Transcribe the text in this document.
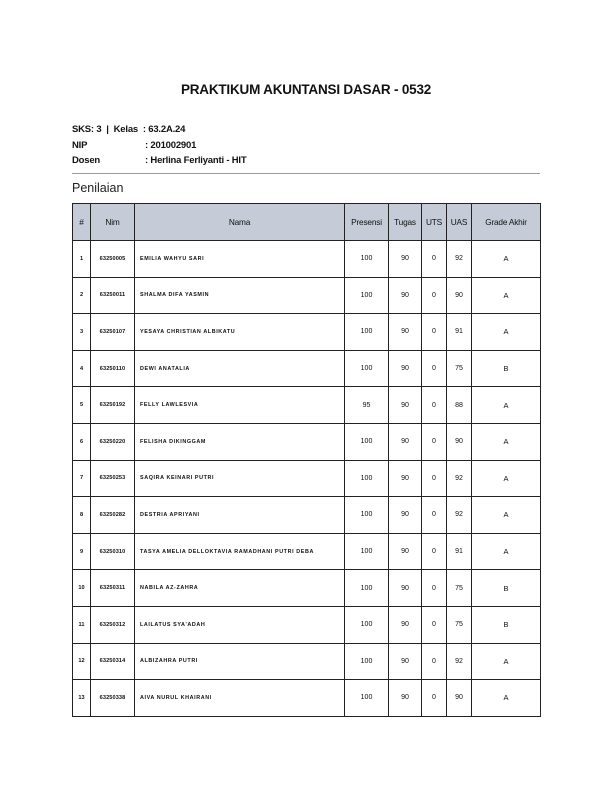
PRAKTIKUM AKUNTANSI DASAR - 0532
SKS: 3  |  Kelas  : 63.2A.24
NIP	: 201002901
Dosen	: Herlina Ferliyanti - HIT
Penilaian
#	Nim	Nama	Presensi	Tugas	UTS	UAS	Grade Akhir
1	63250005	EMILIA WAHYU SARI	100	90	0	92	A
2	63250011	SHALMA DIFA YASMIN	100	90	0	90	A
3	63250107	YESAYA CHRISTIAN ALBIKATU	100	90	0	91	A
4	63250110	DEWI ANATALIA	100	90	0	75	B
5	63250192	FELLY LAWLESVIA	95	90	0	88	A
6	63250220	FELISHA DIKINGGAM	100	90	0	90	A
7	63250253	SAQIRA KEINARI PUTRI	100	90	0	92	A
8	63250282	DESTRIA APRIYANI	100	90	0	92	A
9	63250310	TASYA AMELIA DELLOKTAVIA RAMADHANI PUTRI DEBA	100	90	0	91	A
10	63250311	NABILA AZ-ZAHRA	100	90	0	75	B
11	63250312	LAILATUS SYA'ADAH	100	90	0	75	B
12	63250314	ALBIZAHRA PUTRI	100	90	0	92	A
13	63250338	AIVA NURUL KHAIRANI	100	90	0	90	A
